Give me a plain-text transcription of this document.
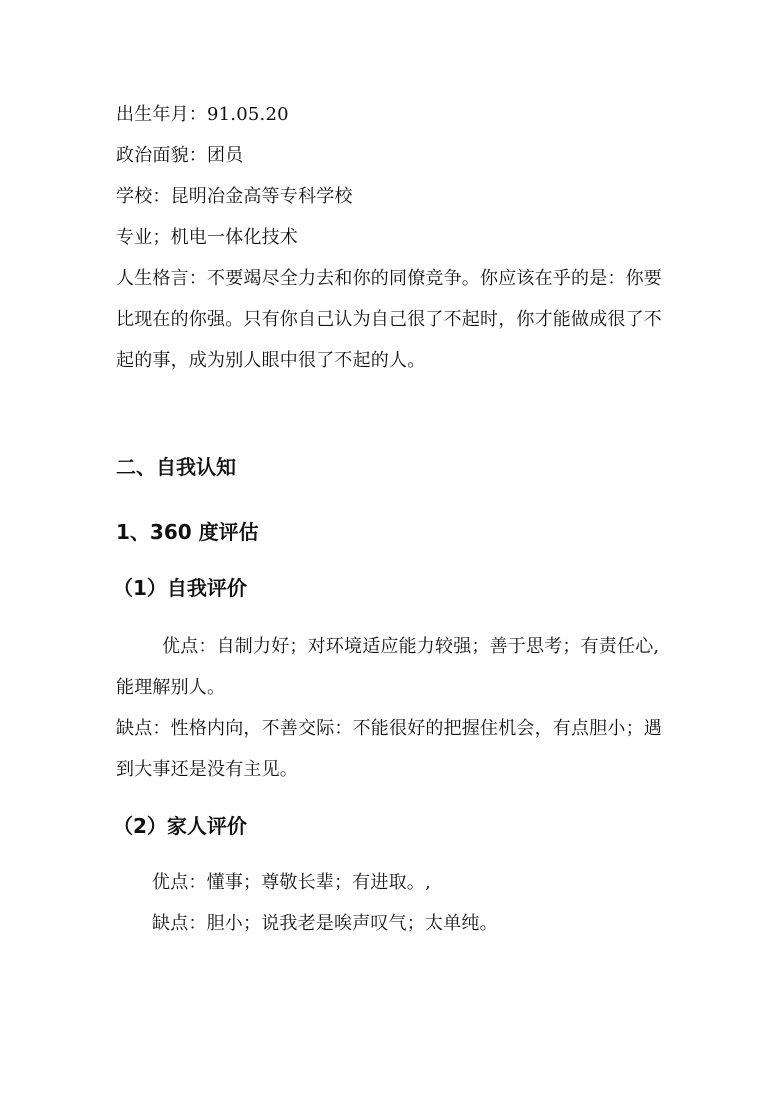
出生年月：91.05.20
政治面貌：团员
学校：昆明冶金高等专科学校
专业；机电一体化技术
人生格言：不要竭尽全力去和你的同僚竞争。你应该在乎的是：你要
比现在的你强。只有你自己认为自己很了不起时，你才能做成很了不
起的事，成为别人眼中很了不起的人。
二、自我认知
1、360 度评估
（1）自我评价
优点：自制力好；对环境适应能力较强；善于思考；有责任心,
能理解别人。
缺点：性格内向，不善交际：不能很好的把握住机会，有点胆小；遇
到大事还是没有主见。
（2）家人评价
优点：懂事；尊敬长辈；有进取。,
缺点：胆小；说我老是唉声叹气；太单纯。
